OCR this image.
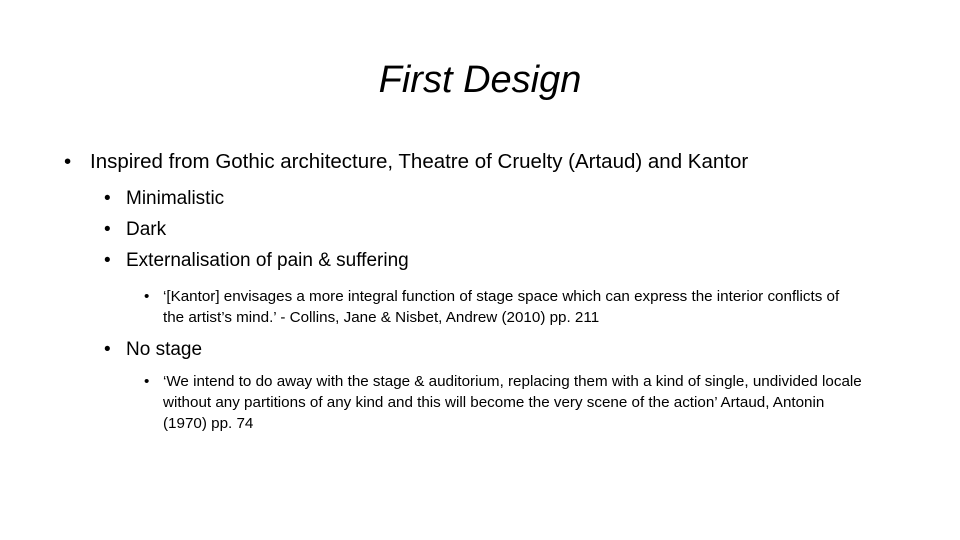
First Design
• Inspired from Gothic architecture, Theatre of Cruelty (Artaud) and Kantor
• Minimalistic
• Dark
• Externalisation of pain & suffering
• ‘[Kantor] envisages a more integral function of stage space which can express the interior conflicts of the artist’s mind.’ - Collins, Jane & Nisbet, Andrew (2010) pp. 211
• No stage
• ‘We intend to do away with the stage & auditorium, replacing them with a kind of single, undivided locale without any partitions of any kind and this will become the very scene of the action’ Artaud, Antonin (1970) pp. 74
